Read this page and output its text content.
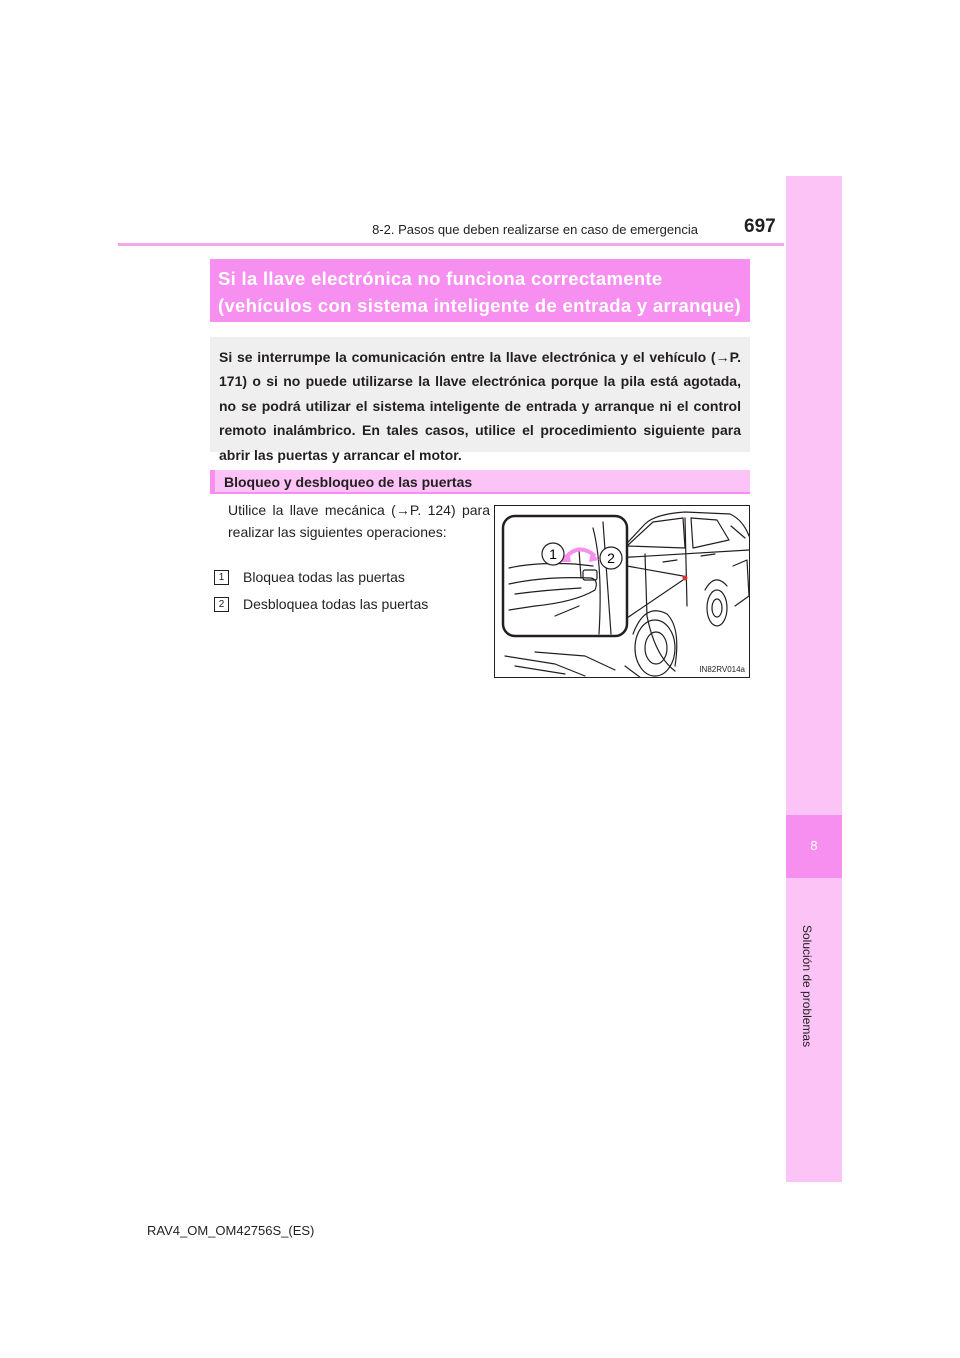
8
Solución de problemas
697
8-2. Pasos que deben realizarse en caso de emergencia
Si la llave electrónica no funciona correctamente
(vehículos con sistema inteligente de entrada y arranque)
Si se interrumpe la comunicación entre la llave electrónica y el vehículo (→P. 171) o si no puede utilizarse la llave electrónica porque la pila está agotada, no se podrá utilizar el sistema inteligente de entrada y arranque ni el control remoto inalámbrico. En tales casos, utilice el procedimiento siguiente para abrir las puertas y arrancar el motor.
Bloqueo y desbloqueo de las puertas
Utilice la llave mecánica (→P. 124) para realizar las siguientes operaciones:
1	Bloquea todas las puertas
2	Desbloquea todas las puertas
1	2
IN82RV014a
RAV4_OM_OM42756S_(ES)
